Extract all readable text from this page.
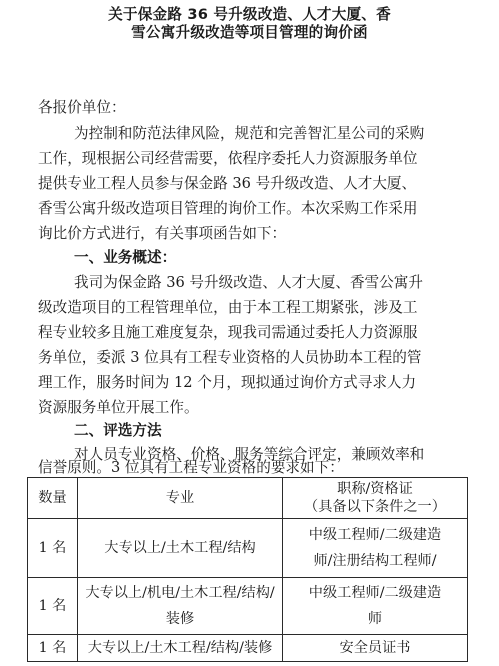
关于保金路 36 号升级改造、人才大厦、香
雪公寓升级改造等项目管理的询价函
各报价单位：
为控制和防范法律风险，规范和完善智汇星公司的采购
工作，现根据公司经营需要，依程序委托人力资源服务单位
提供专业工程人员参与保金路 36 号升级改造、人才大厦、
香雪公寓升级改造项目管理的询价工作。本次采购工作采用
询比价方式进行，有关事项函告如下：
一、业务概述：
我司为保金路 36 号升级改造、人才大厦、香雪公寓升
级改造项目的工程管理单位，由于本工程工期紧张，涉及工
程专业较多且施工难度复杂，现我司需通过委托人力资源服
务单位，委派 3 位具有工程专业资格的人员协助本工程的管
理工作，服务时间为 12 个月，现拟通过询价方式寻求人力
资源服务单位开展工作。
二、评选方法
对人员专业资格、价格、服务等综合评定，兼顾效率和
信誉原则。3 位具有工程专业资格的要求如下：
数量	专业	职称/资格证
（具备以下条件之一）

1 名	大专以上/土木工程/结构	中级工程师/二级建造
师/注册结构工程师/

1 名	大专以上/机电/土木工程/结构/
装修	中级工程师/二级建造
师

1 名	大专以上/土木工程/结构/装修	安全员证书
